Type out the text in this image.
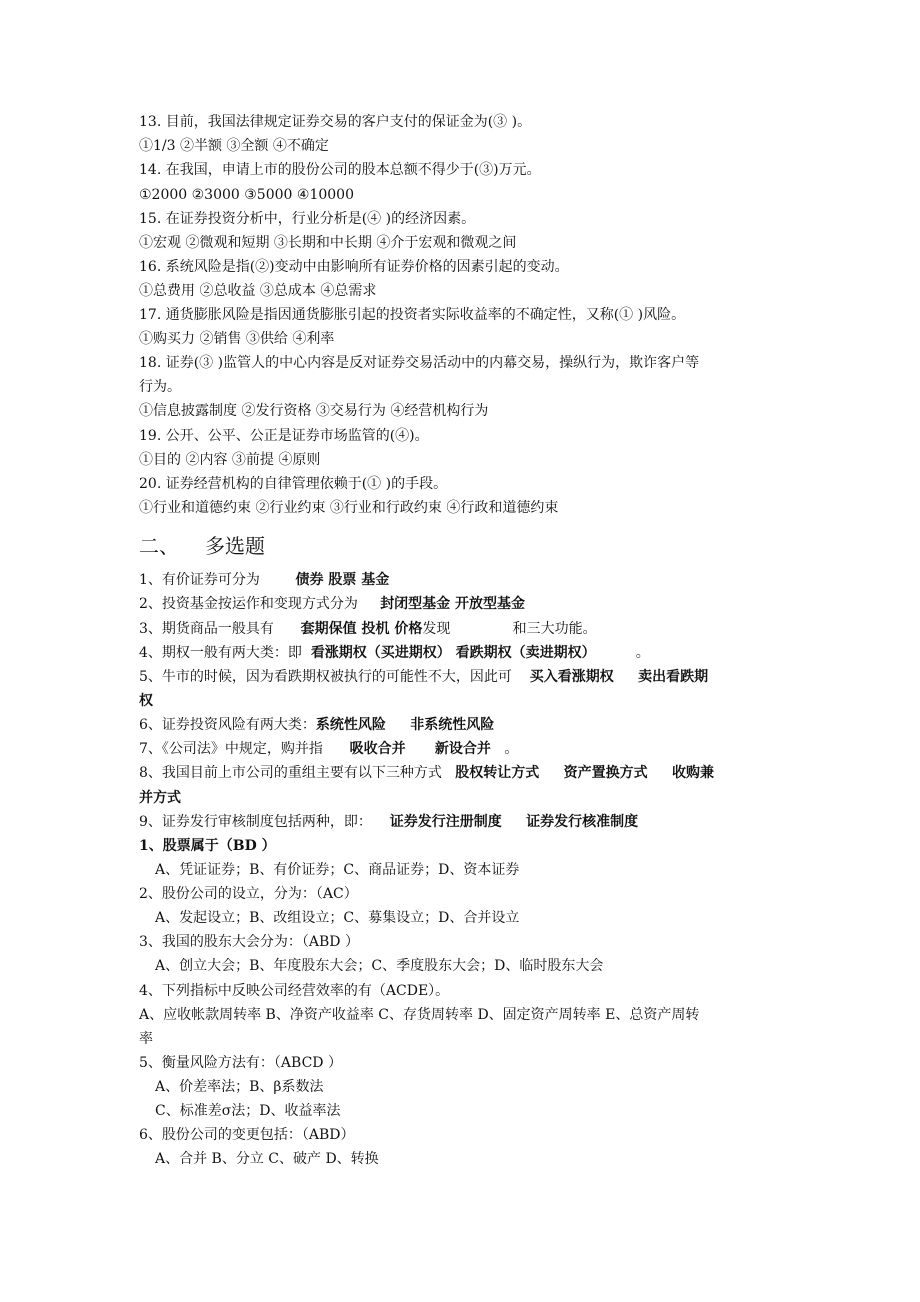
13. 目前，我国法律规定证券交易的客户支付的保证金为(③ )。
①1/3 ②半额 ③全额 ④不确定
14. 在我国，申请上市的股份公司的股本总额不得少于(③)万元。
①2000 ②3000 ③5000 ④10000
15. 在证券投资分析中，行业分析是(④ )的经济因素。
①宏观 ②微观和短期 ③长期和中长期 ④介于宏观和微观之间
16. 系统风险是指(②)变动中由影响所有证券价格的因素引起的变动。
①总费用 ②总收益 ③总成本 ④总需求
17. 通货膨胀风险是指因通货膨胀引起的投资者实际收益率的不确定性，又称(① )风险。
①购买力 ②销售 ③供给 ④利率
18. 证券(③ )监管人的中心内容是反对证券交易活动中的内幕交易，操纵行为，欺诈客户等
行为。
①信息披露制度 ②发行资格 ③交易行为 ④经营机构行为
19. 公开、公平、公正是证券市场监管的(④)。
①目的 ②内容 ③前提 ④原则
20. 证券经营机构的自律管理依赖于(① )的手段。
①行业和道德约束 ②行业约束 ③行业和行政约束 ④行政和道德约束
二、 多选题
1、有价证券可分为	债券 股票 基金
2、投资基金按运作和变现方式分为 封闭型基金 开放型基金
3、期货商品一般具有 套期保值 投机 价格发现              和三大功能。
4、期权一般有两大类：即  看涨期权（买进期权） 看跌期权（卖进期权）         。
5、牛市的时候，因为看跌期权被执行的可能性不大，因此可 买入看涨期权     卖出看跌期
权
6、证券投资风险有两大类：系统性风险     非系统性风险
7、《公司法》中规定，购并指 吸收合并      新设合并   。
8、我国目前上市公司的重组主要有以下三种方式   股权转让方式     资产置换方式     收购兼
并方式
9、证券发行审核制度包括两种，即：    证券发行注册制度     证券发行核准制度
1、股票属于（BD ）
A、凭证证券；B、有价证券；C、商品证券；D、资本证券
2、股份公司的设立，分为：（AC）
A、发起设立；B、改组设立；C、募集设立；D、合并设立
3、我国的股东大会分为：（ABD ）
A、创立大会；B、年度股东大会；C、季度股东大会；D、临时股东大会
4、下列指标中反映公司经营效率的有（ACDE）。
A、应收帐款周转率 B、净资产收益率 C、存货周转率 D、固定资产周转率 E、总资产周转
率
5、衡量风险方法有：（ABCD ）
A、价差率法；B、β系数法
C、标准差σ法；D、收益率法
6、股份公司的变更包括：（ABD）
A、合并 B、分立 C、破产 D、转换
